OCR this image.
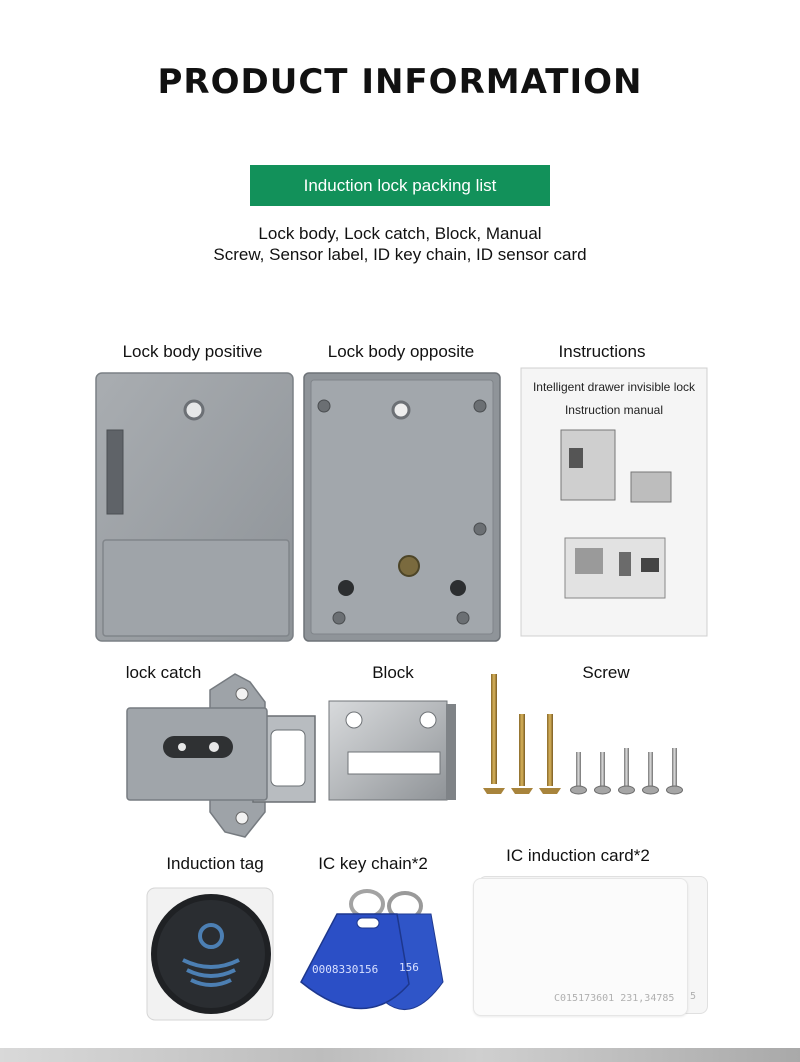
PRODUCT INFORMATION
Induction lock packing list
Lock body, Lock catch, Block, Manual
Screw, Sensor label, ID key chain, ID sensor card
Lock body positive	Lock body opposite	Instructions
Intelligent drawer invisible lock
Instruction manual
lock catch	Block	Screw
Induction tag	IC key chain*2	IC induction card*2
0008330156	156
C015173601 231,34785	5
